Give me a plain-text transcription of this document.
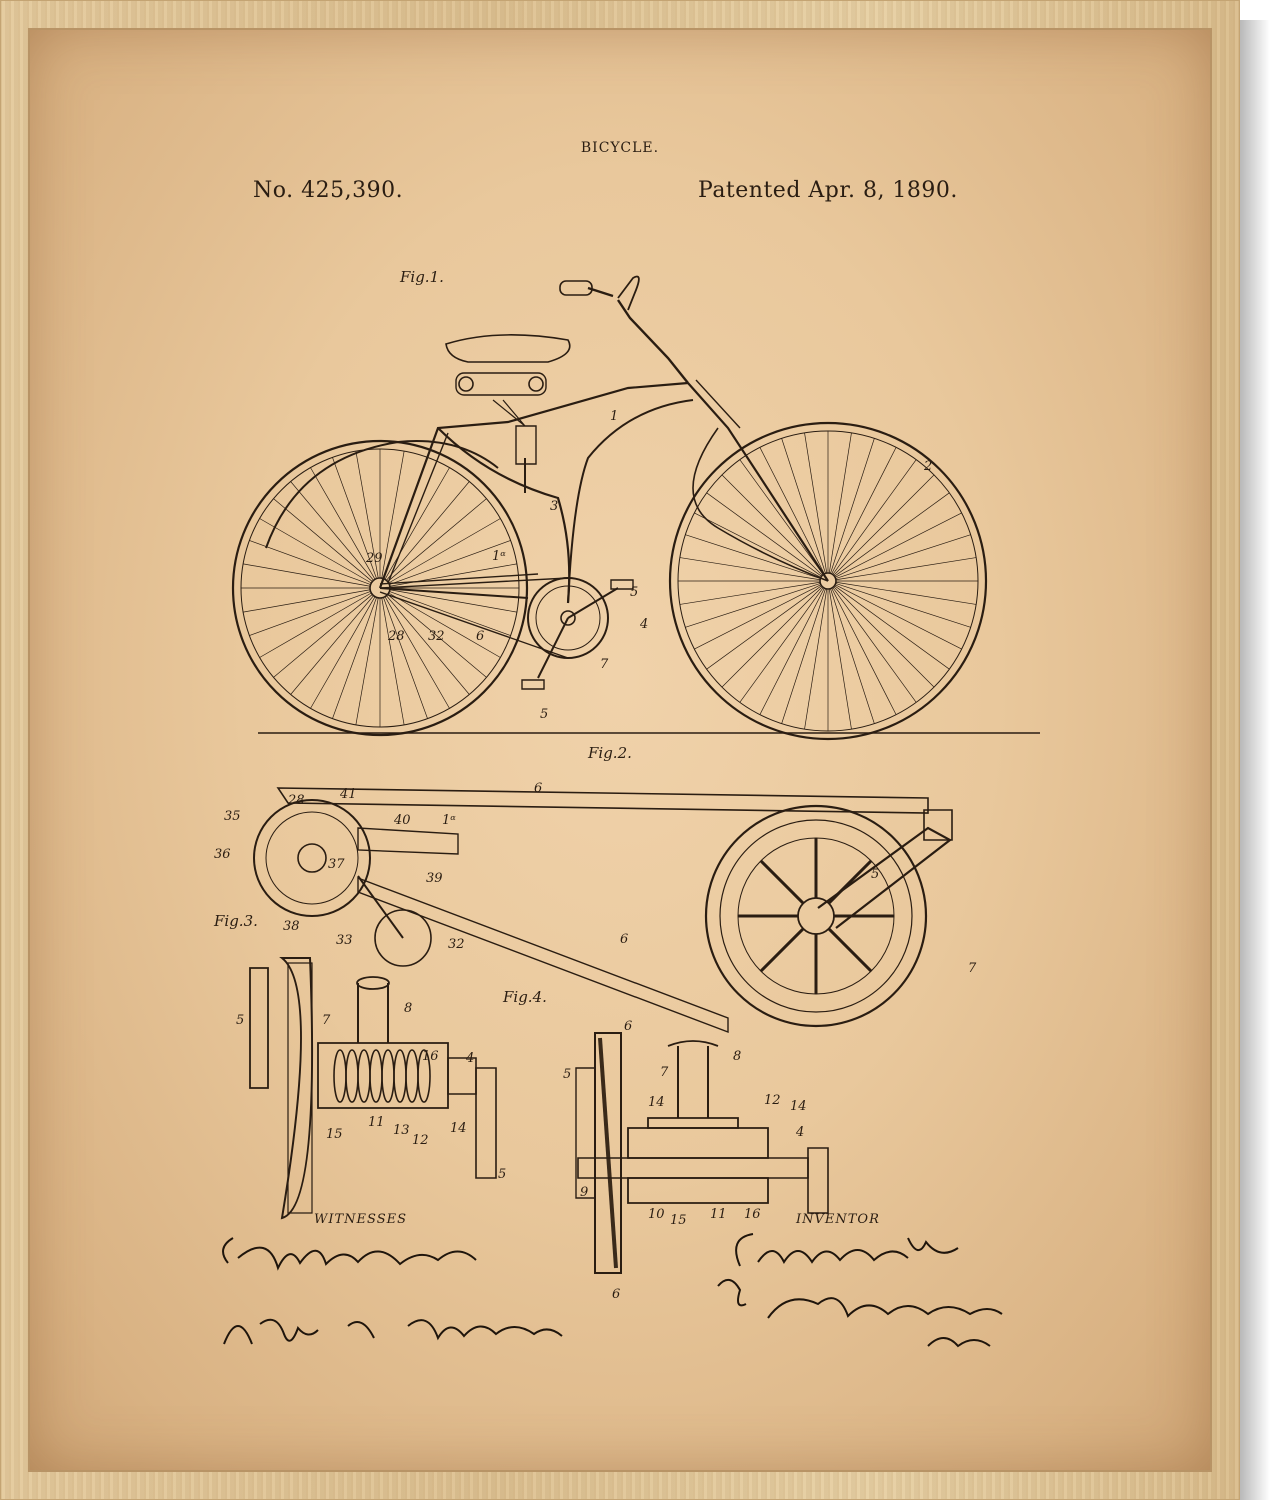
BICYCLE.
No. 425,390.	Patented Apr. 8, 1890.
Fig.1.
Fig.2.
Fig.3.
Fig.4.
WITNESSES	INVENTOR
1
2
3
4
5
5
6
7
29	1ᵅ
28 32
28	41	6
40 1ᵅ
35
36
37
39
38
33	32	6
5
7
5	7
8
16 4
15
11
13
12
14
5
6
7
8
5
14	12 14
4
9
10 15 11 16
6
